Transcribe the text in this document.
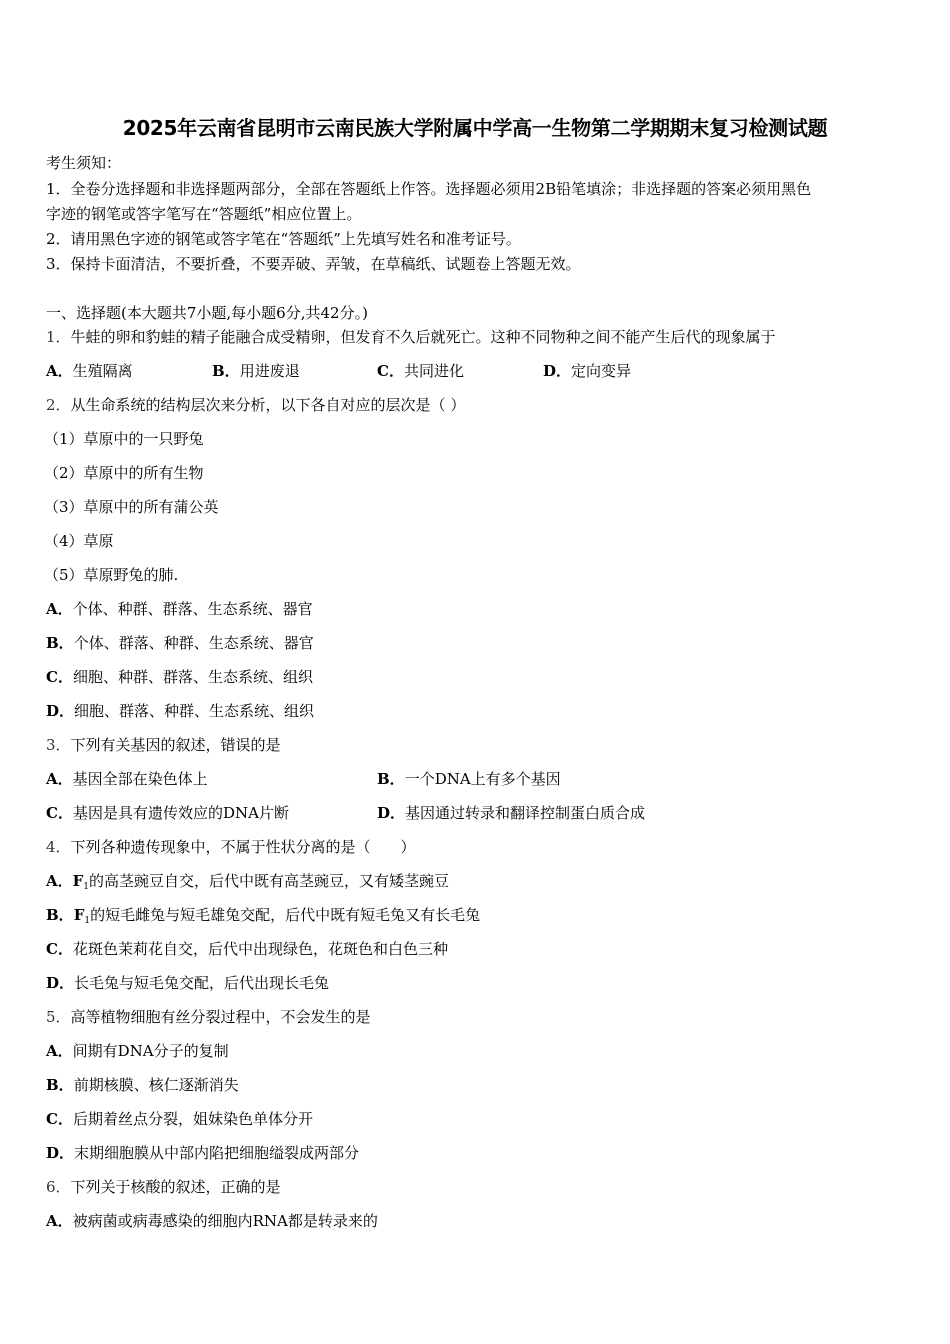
2025年云南省昆明市云南民族大学附属中学高一生物第二学期期末复习检测试题
考生须知：
1．全卷分选择题和非选择题两部分，全部在答题纸上作答。选择题必须用2B铅笔填涂；非选择题的答案必须用黑色
字迹的钢笔或答字笔写在“答题纸”相应位置上。
2．请用黑色字迹的钢笔或答字笔在“答题纸”上先填写姓名和准考证号。
3．保持卡面清洁，不要折叠，不要弄破、弄皱，在草稿纸、试题卷上答题无效。
一、选择题(本大题共7小题,每小题6分,共42分。)
1．牛蛙的卵和豹蛙的精子能融合成受精卵，但发育不久后就死亡。这种不同物种之间不能产生后代的现象属于
A．生殖隔离	B．用进废退	C．共同进化	D．定向变异
2．从生命系统的结构层次来分析，以下各自对应的层次是（ ）
（1）草原中的一只野兔
（2）草原中的所有生物
（3）草原中的所有蒲公英
（4）草原
（5）草原野兔的肺.
A．个体、种群、群落、生态系统、器官
B．个体、群落、种群、生态系统、器官
C．细胞、种群、群落、生态系统、组织
D．细胞、群落、种群、生态系统、组织
3．下列有关基因的叙述，错误的是
A．基因全部在染色体上	B．一个DNA上有多个基因
C．基因是具有遗传效应的DNA片断	D．基因通过转录和翻译控制蛋白质合成
4．下列各种遗传现象中，不属于性状分离的是（　　）
A．$F_1$的高茎豌豆自交，后代中既有高茎豌豆，又有矮茎豌豆
B．$F_1$的短毛雌兔与短毛雄兔交配，后代中既有短毛兔又有长毛兔
C．花斑色茉莉花自交，后代中出现绿色，花斑色和白色三种
D．长毛兔与短毛兔交配，后代出现长毛兔
5．高等植物细胞有丝分裂过程中，不会发生的是
A．间期有DNA分子的复制
B．前期核膜、核仁逐渐消失
C．后期着丝点分裂，姐妹染色单体分开
D．末期细胞膜从中部内陷把细胞缢裂成两部分
6．下列关于核酸的叙述，正确的是
A．被病菌或病毒感染的细胞内RNA都是转录来的
